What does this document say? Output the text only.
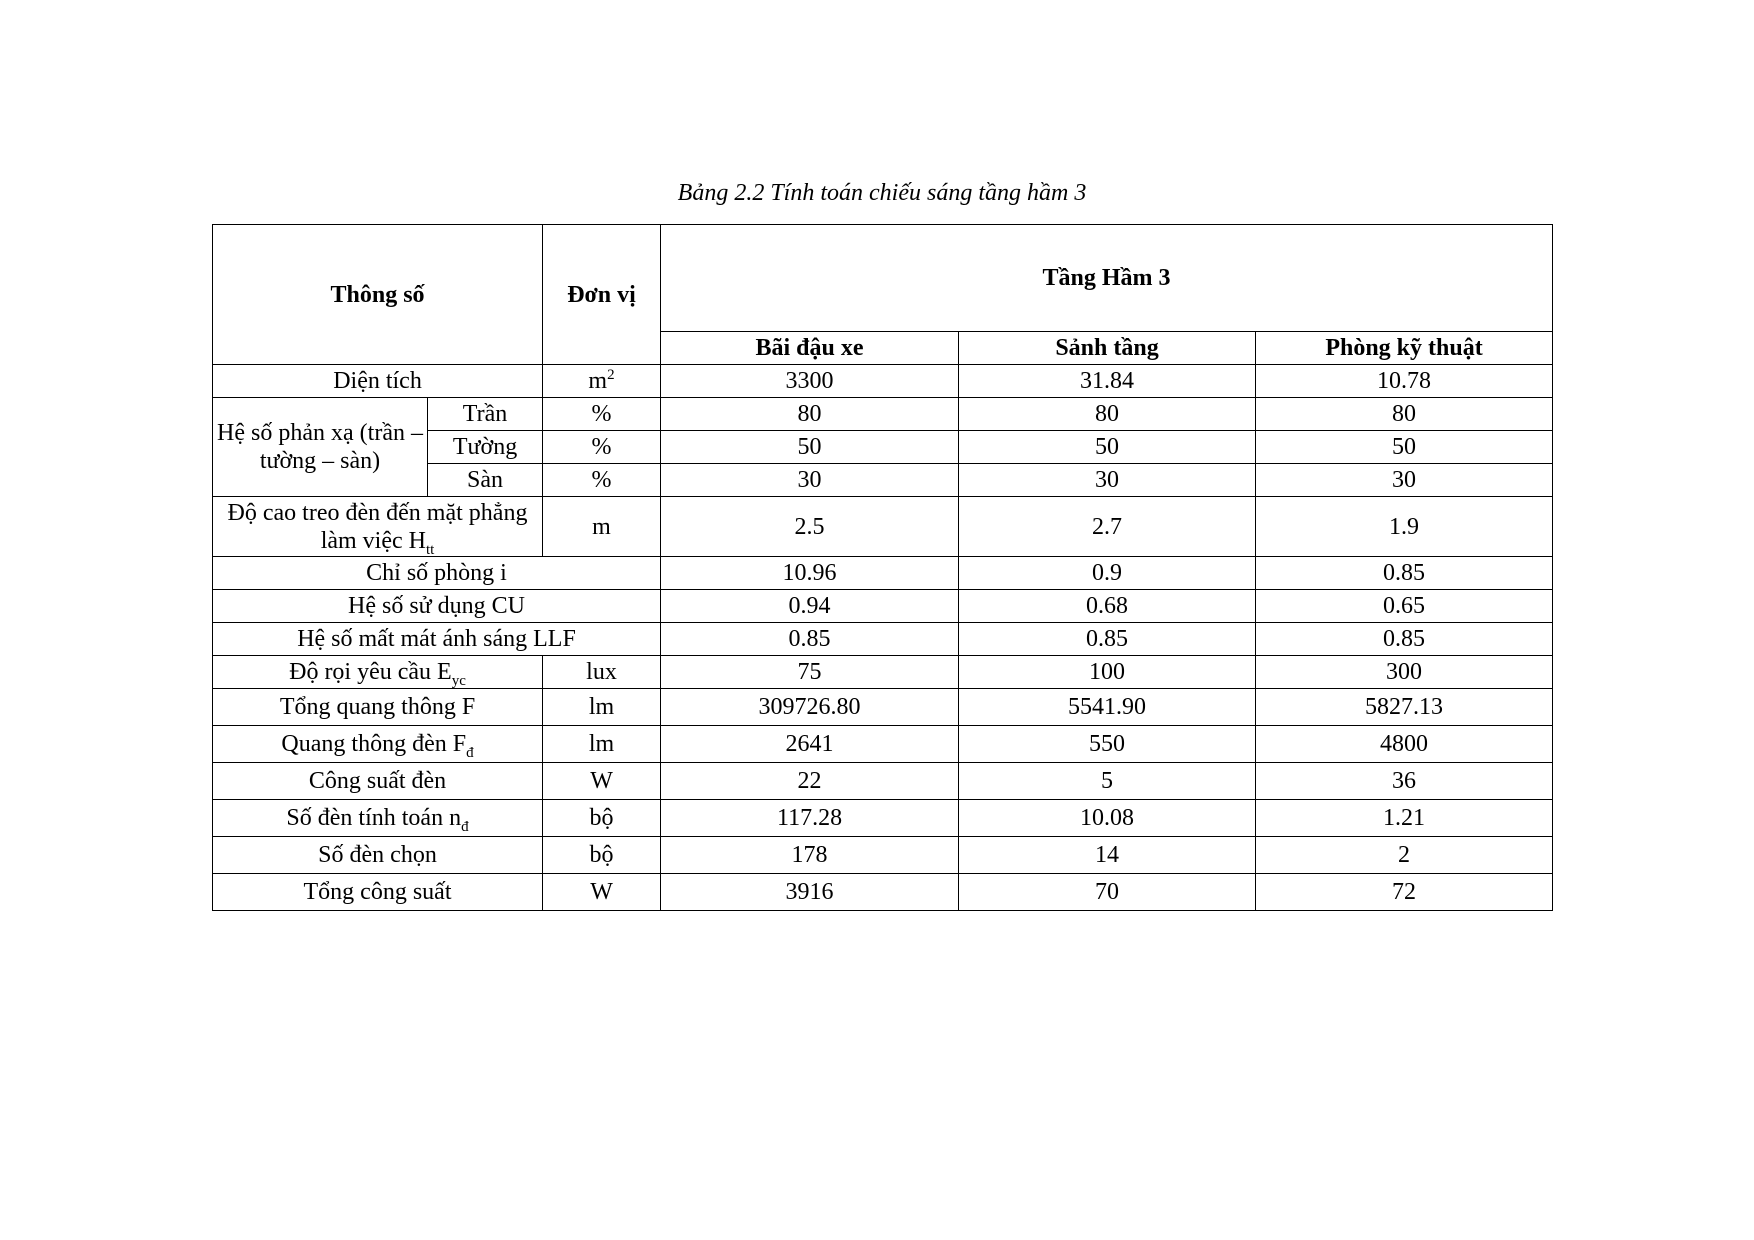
Bảng 2.2 Tính toán chiếu sáng tầng hầm 3
Thông số		Đơn vị	Tầng Hầm 3		
			Bãi đậu xe	Sảnh tầng	Phòng kỹ thuật
Diện tích		$m^2$	3300	31.84	10.78
Hệ số phản xạ (trần – tường – sàn)	Trần	%	80	80	80
	Tường	%	50	50	50
	Sàn	%	30	30	30
Độ cao treo đèn đến mặt phẳng làm việc $H_{tt}$		m	2.5	2.7	1.9
Chỉ số phòng i			10.96	0.9	0.85
Hệ số sử dụng CU			0.94	0.68	0.65
Hệ số mất mát ánh sáng LLF			0.85	0.85	0.85
Độ rọi yêu cầu $E_{yc}$		lux	75	100	300
Tổng quang thông F		lm	309726.80	5541.90	5827.13
Quang thông đèn $F_đ$		lm	2641	550	4800
Công suất đèn		W	22	5	36
Số đèn tính toán $n_đ$		bộ	117.28	10.08	1.21
Số đèn chọn		bộ	178	14	2
Tổng công suất		W	3916	70	72
